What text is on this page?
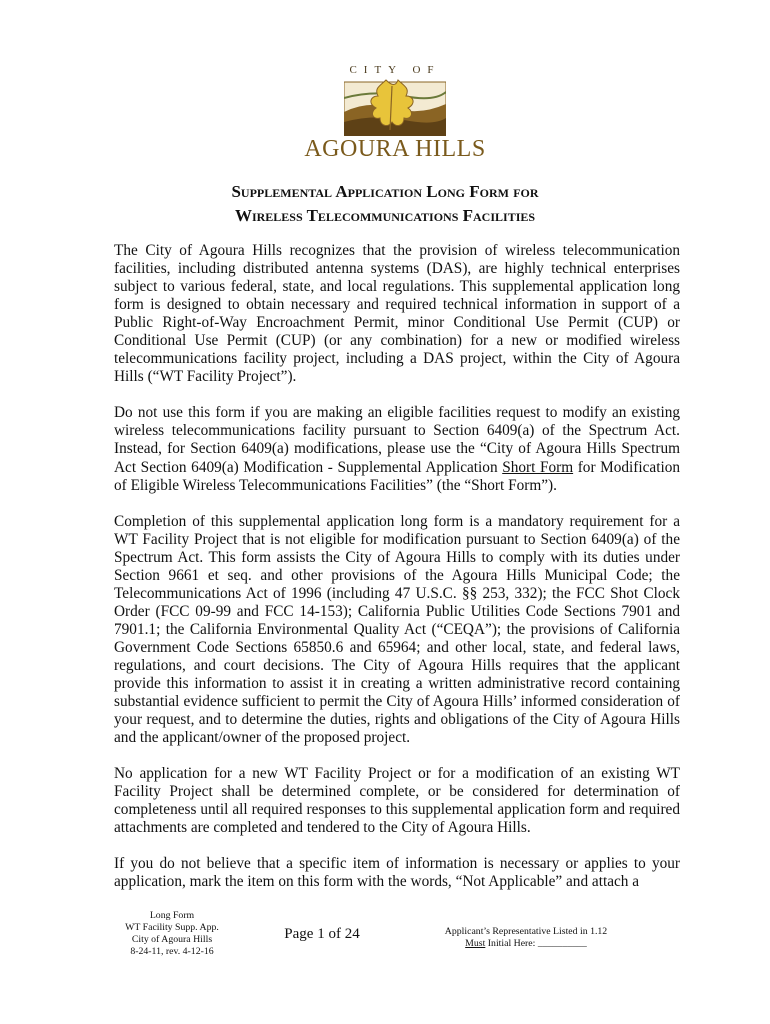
CITY OF
AGOURA HILLS
Supplemental Application Long Form for
Wireless Telecommunications Facilities

The City of Agoura Hills recognizes that the provision of wireless telecommunication facilities, including distributed antenna systems (DAS), are highly technical enterprises subject to various federal, state, and local regulations. This supplemental application long form is designed to obtain necessary and required technical information in support of a Public Right-of-Way Encroachment Permit, minor Conditional Use Permit (CUP) or Conditional Use Permit (CUP) (or any combination) for a new or modified wireless telecommunications facility project, including a DAS project, within the City of Agoura Hills (“WT Facility Project”).

Do not use this form if you are making an eligible facilities request to modify an existing wireless telecommunications facility pursuant to Section 6409(a) of the Spectrum Act. Instead, for Section 6409(a) modifications, please use the “City of Agoura Hills Spectrum Act Section 6409(a) Modification - Supplemental Application Short Form for Modification of Eligible Wireless Telecommunications Facilities” (the “Short Form”).

Completion of this supplemental application long form is a mandatory requirement for a WT Facility Project that is not eligible for modification pursuant to Section 6409(a) of the Spectrum Act. This form assists the City of Agoura Hills to comply with its duties under Section 9661 et seq. and other provisions of the Agoura Hills Municipal Code; the Telecommunications Act of 1996 (including 47 U.S.C. §§ 253, 332); the FCC Shot Clock Order (FCC 09-99 and FCC 14-153); California Public Utilities Code Sections 7901 and 7901.1; the California Environmental Quality Act (“CEQA”); the provisions of California Government Code Sections 65850.6 and 65964; and other local, state, and federal laws, regulations, and court decisions. The City of Agoura Hills requires that the applicant provide this information to assist it in creating a written administrative record containing substantial evidence sufficient to permit the City of Agoura Hills’ informed consideration of your request, and to determine the duties, rights and obligations of the City of Agoura Hills and the applicant/owner of the proposed project.

No application for a new WT Facility Project or for a modification of an existing WT Facility Project shall be determined complete, or be considered for determination of completeness until all required responses to this supplemental application form and required attachments are completed and tendered to the City of Agoura Hills.

If you do not believe that a specific item of information is necessary or applies to your application, mark the item on this form with the words, “Not Applicable” and attach a

Long Form
WT Facility Supp. App.
City of Agoura Hills
8-24-11, rev. 4-12-16
Page 1 of 24	Applicant’s Representative Listed in 1.12
Must Initial Here: __________
